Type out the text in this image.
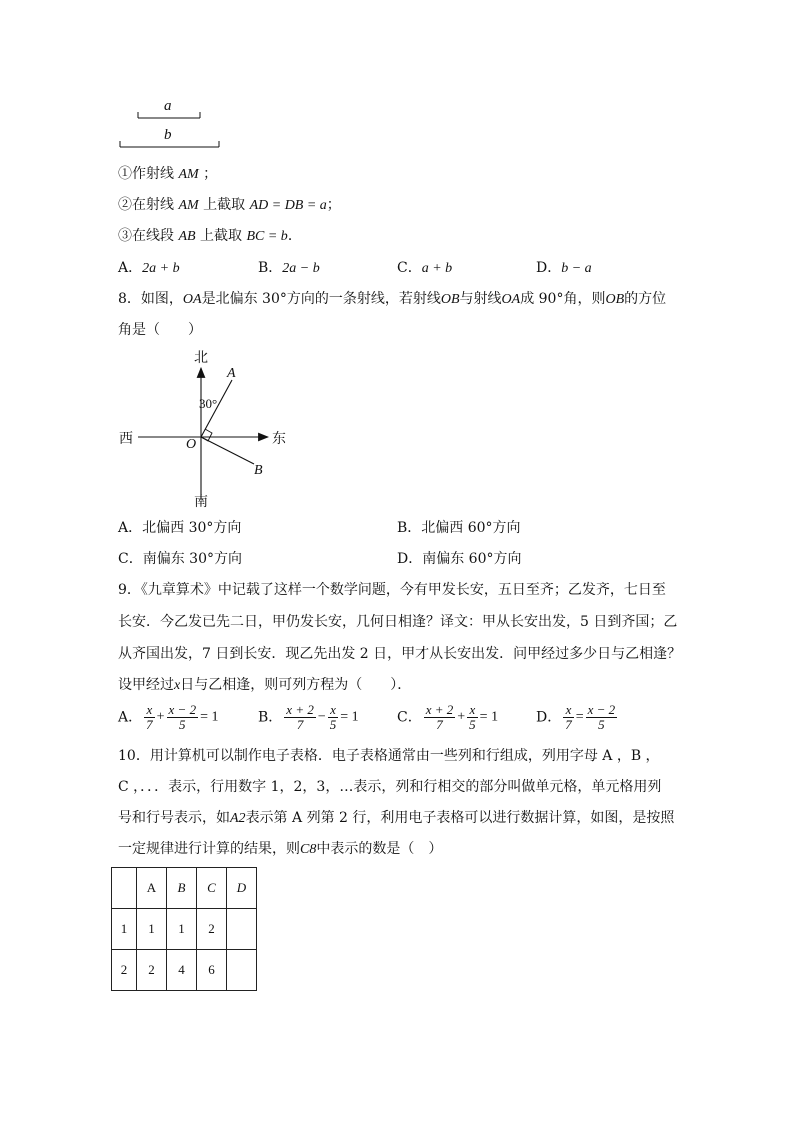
a
b
①作射线 AM ；
②在射线 AM 上截取 AD = DB = a；
③在线段 AB 上截取 BC = b．
A．2a + b	B．2a − b	C．a + b	D．b − a
8．如图，OA是北偏东 30°方向的一条射线，若射线OB与射线OA成 90°角，则OB的方位
角是（　　）
北
南
东
西	O
A
B
30°
A．北偏西 30°方向	B．北偏西 60°方向
C．南偏东 30°方向	D．南偏东 60°方向
9．《九章算术》中记载了这样一个数学问题，今有甲发长安，五日至齐；乙发齐，七日至
长安．今乙发已先二日，甲仍发长安，几何日相逢？译文：甲从长安出发，5 日到齐国；乙
从齐国出发，7 日到长安．现乙先出发 2 日，甲才从长安出发．问甲经过多少日与乙相逢？
设甲经过x日与乙相逢，则可列方程为（　　）．
A． $\frac{x}{7} + \frac{x - 2}{5} = 1$	B． $\frac{x + 2}{7} - \frac{x}{5} = 1$	C． $\frac{x + 2}{7} + \frac{x}{5} = 1$	D． $\frac{x}{7} = \frac{x - 2}{5}$
10．用计算机可以制作电子表格．电子表格通常由一些列和行组成，列用字母 A ，B ，
C ，．．．表示，行用数字 1，2，3，…表示，列和行相交的部分叫做单元格，单元格用列
号和行号表示，如A2表示第 A 列第 2 行，利用电子表格可以进行数据计算，如图，是按照
一定规律进行计算的结果，则C8中表示的数是（　）
	A	B	C	D
1	1	1	2	
2	2	4	6	
